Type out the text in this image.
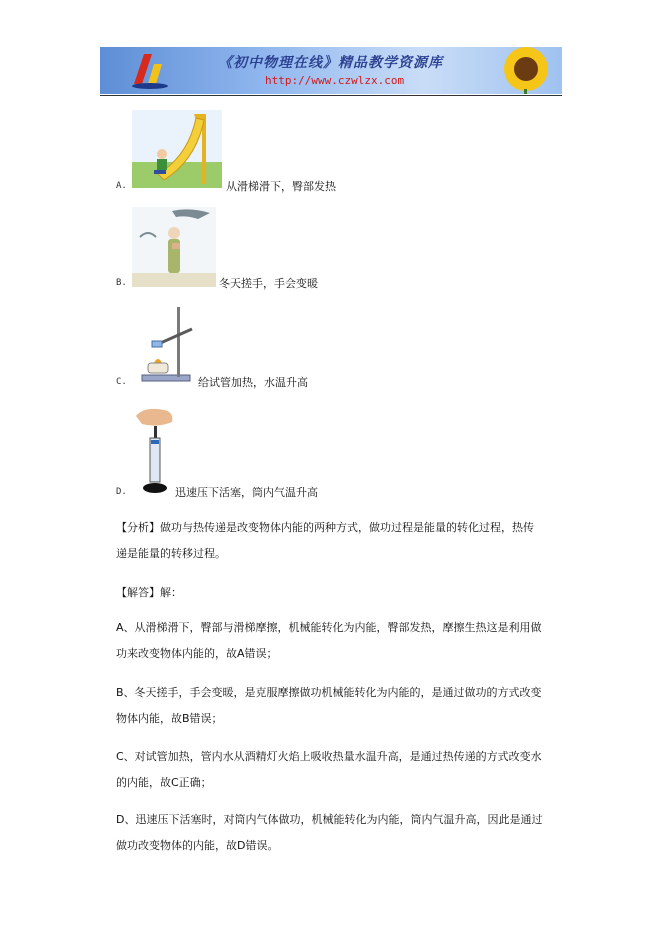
《初中物理在线》精品教学资源库
http://www.czwlzx.com
A.	从滑梯滑下，臀部发热
B.	冬天搓手，手会变暖
C.	给试管加热，水温升高
D.	迅速压下活塞，筒内气温升高

【分析】做功与热传递是改变物体内能的两种方式，做功过程是能量的转化过程，热传

递是能量的转移过程。

【解答】解：

A、从滑梯滑下，臀部与滑梯摩擦，机械能转化为内能，臀部发热，摩擦生热这是利用做

功来改变物体内能的，故A错误；

B、冬天搓手，手会变暖，是克服摩擦做功机械能转化为内能的，是通过做功的方式改变

物体内能，故B错误；

C、对试管加热，管内水从酒精灯火焰上吸收热量水温升高，是通过热传递的方式改变水

的内能，故C正确；

D、迅速压下活塞时，对筒内气体做功，机械能转化为内能，筒内气温升高，因此是通过

做功改变物体的内能，故D错误。
